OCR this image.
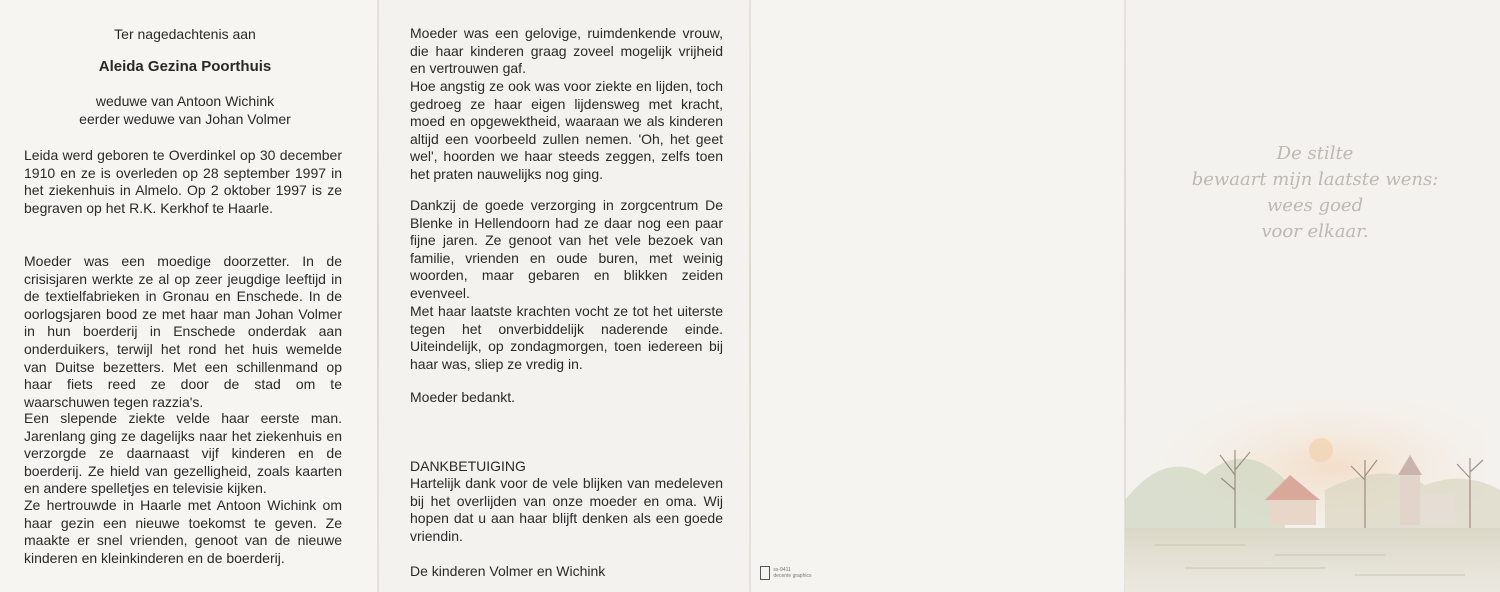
Ter nagedachtenis aan
Aleida Gezina Poorthuis
weduwe van Antoon Wichink
eerder weduwe van Johan Volmer

Leida werd geboren te Overdinkel op 30 december 1910 en ze is overleden op 28 september 1997 in het ziekenhuis in Almelo. Op 2 oktober 1997 is ze begraven op het R.K. Kerkhof te Haarle.

Moeder was een moedige doorzetter. In de crisisjaren werkte ze al op zeer jeugdige leeftijd in de textielfabrieken in Gronau en Enschede. In de oorlogsjaren bood ze met haar man Johan Volmer in hun boerderij in Enschede onderdak aan onderduikers, terwijl het rond het huis wemelde van Duitse bezetters. Met een schillenmand op haar fiets reed ze door de stad om te waarschuwen tegen razzia's.

Een slepende ziekte velde haar eerste man. Jarenlang ging ze dagelijks naar het ziekenhuis en verzorgde ze daarnaast vijf kinderen en de boerderij. Ze hield van gezelligheid, zoals kaarten en andere spelletjes en televisie kijken.

Ze hertrouwde in Haarle met Antoon Wichink om haar gezin een nieuwe toekomst te geven. Ze maakte er snel vrienden, genoot van de nieuwe kinderen en kleinkinderen en de boerderij.

Moeder was een gelovige, ruimdenkende vrouw, die haar kinderen graag zoveel mogelijk vrijheid en vertrouwen gaf.

Hoe angstig ze ook was voor ziekte en lijden, toch gedroeg ze haar eigen lijdensweg met kracht, moed en opgewektheid, waaraan we als kinderen altijd een voorbeeld zullen nemen. 'Oh, het geet wel', hoorden we haar steeds zeggen, zelfs toen het praten nauwelijks nog ging.

Dankzij de goede verzorging in zorgcentrum De Blenke in Hellendoorn had ze daar nog een paar fijne jaren. Ze genoot van het vele bezoek van familie, vrienden en oude buren, met weinig woorden, maar gebaren en blikken zeiden evenveel.

Met haar laatste krachten vocht ze tot het uiterste tegen het onverbiddelijk naderende einde. Uiteindelijk, op zondagmorgen, toen iedereen bij haar was, sliep ze vredig in.

Moeder bedankt.

DANKBETUIGING

Hartelijk dank voor de vele blijken van medeleven bij het overlijden van onze moeder en oma. Wij hopen dat u aan haar blijft denken als een goede vriendin.

De kinderen Volmer en Wichink	ss-9411
decente graphics
De stilte
bewaart mijn laatste wens:
wees goed
voor elkaar.
